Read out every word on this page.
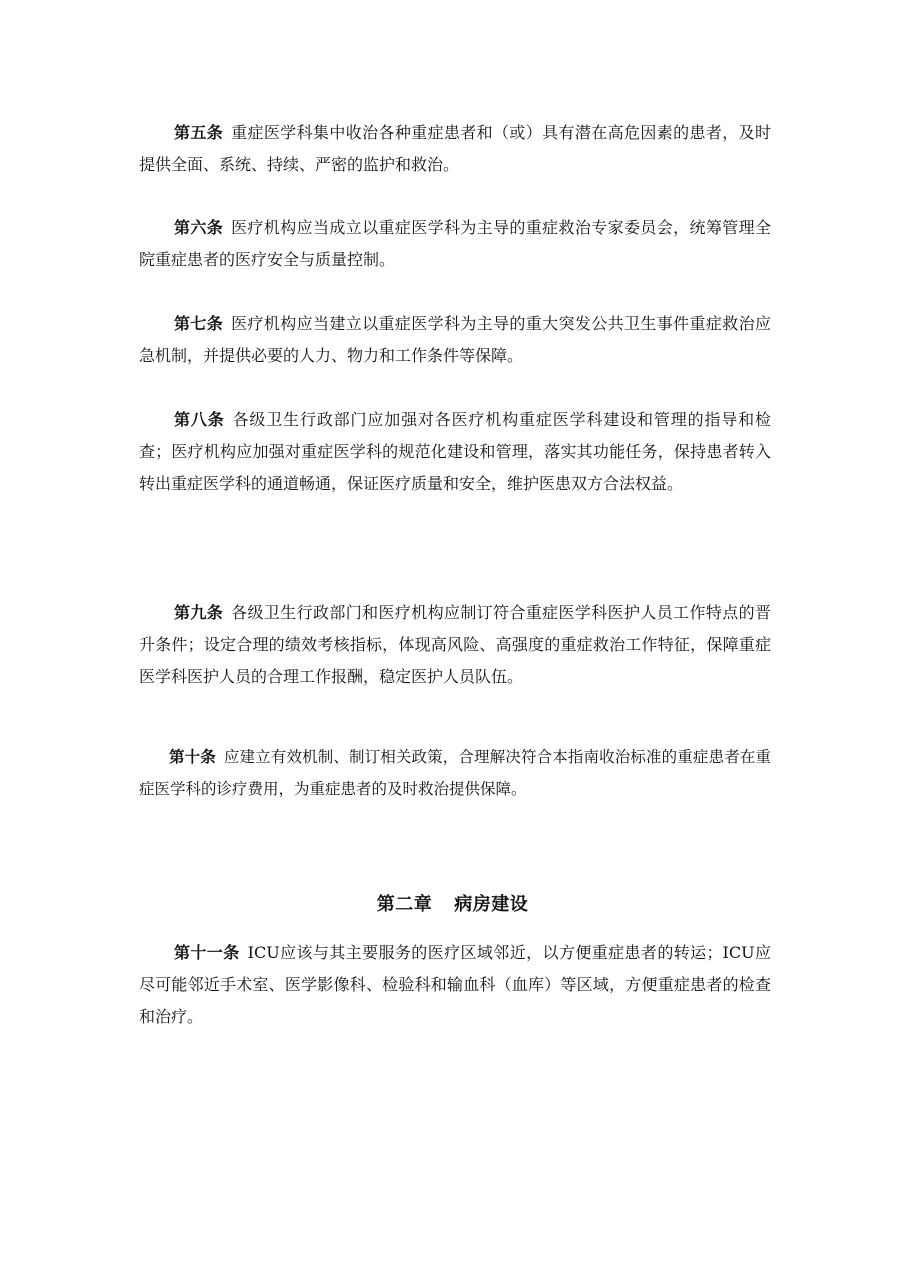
第五条 重症医学科集中收治各种重症患者和（或）具有潜在高危因素的患者，及时提供全面、系统、持续、严密的监护和救治。

第六条 医疗机构应当成立以重症医学科为主导的重症救治专家委员会，统筹管理全院重症患者的医疗安全与质量控制。

第七条 医疗机构应当建立以重症医学科为主导的重大突发公共卫生事件重症救治应急机制，并提供必要的人力、物力和工作条件等保障。

第八条 各级卫生行政部门应加强对各医疗机构重症医学科建设和管理的指导和检查；医疗机构应加强对重症医学科的规范化建设和管理，落实其功能任务，保持患者转入转出重症医学科的通道畅通，保证医疗质量和安全，维护医患双方合法权益。

第九条 各级卫生行政部门和医疗机构应制订符合重症医学科医护人员工作特点的晋升条件；设定合理的绩效考核指标，体现高风险、高强度的重症救治工作特征，保障重症医学科医护人员的合理工作报酬，稳定医护人员队伍。

第十条 应建立有效机制、制订相关政策，合理解决符合本指南收治标准的重症患者在重症医学科的诊疗费用，为重症患者的及时救治提供保障。

第二章 病房建设

第十一条 ICU应该与其主要服务的医疗区域邻近，以方便重症患者的转运；ICU应尽可能邻近手术室、医学影像科、检验科和输血科（血库）等区域，方便重症患者的检查和治疗。
